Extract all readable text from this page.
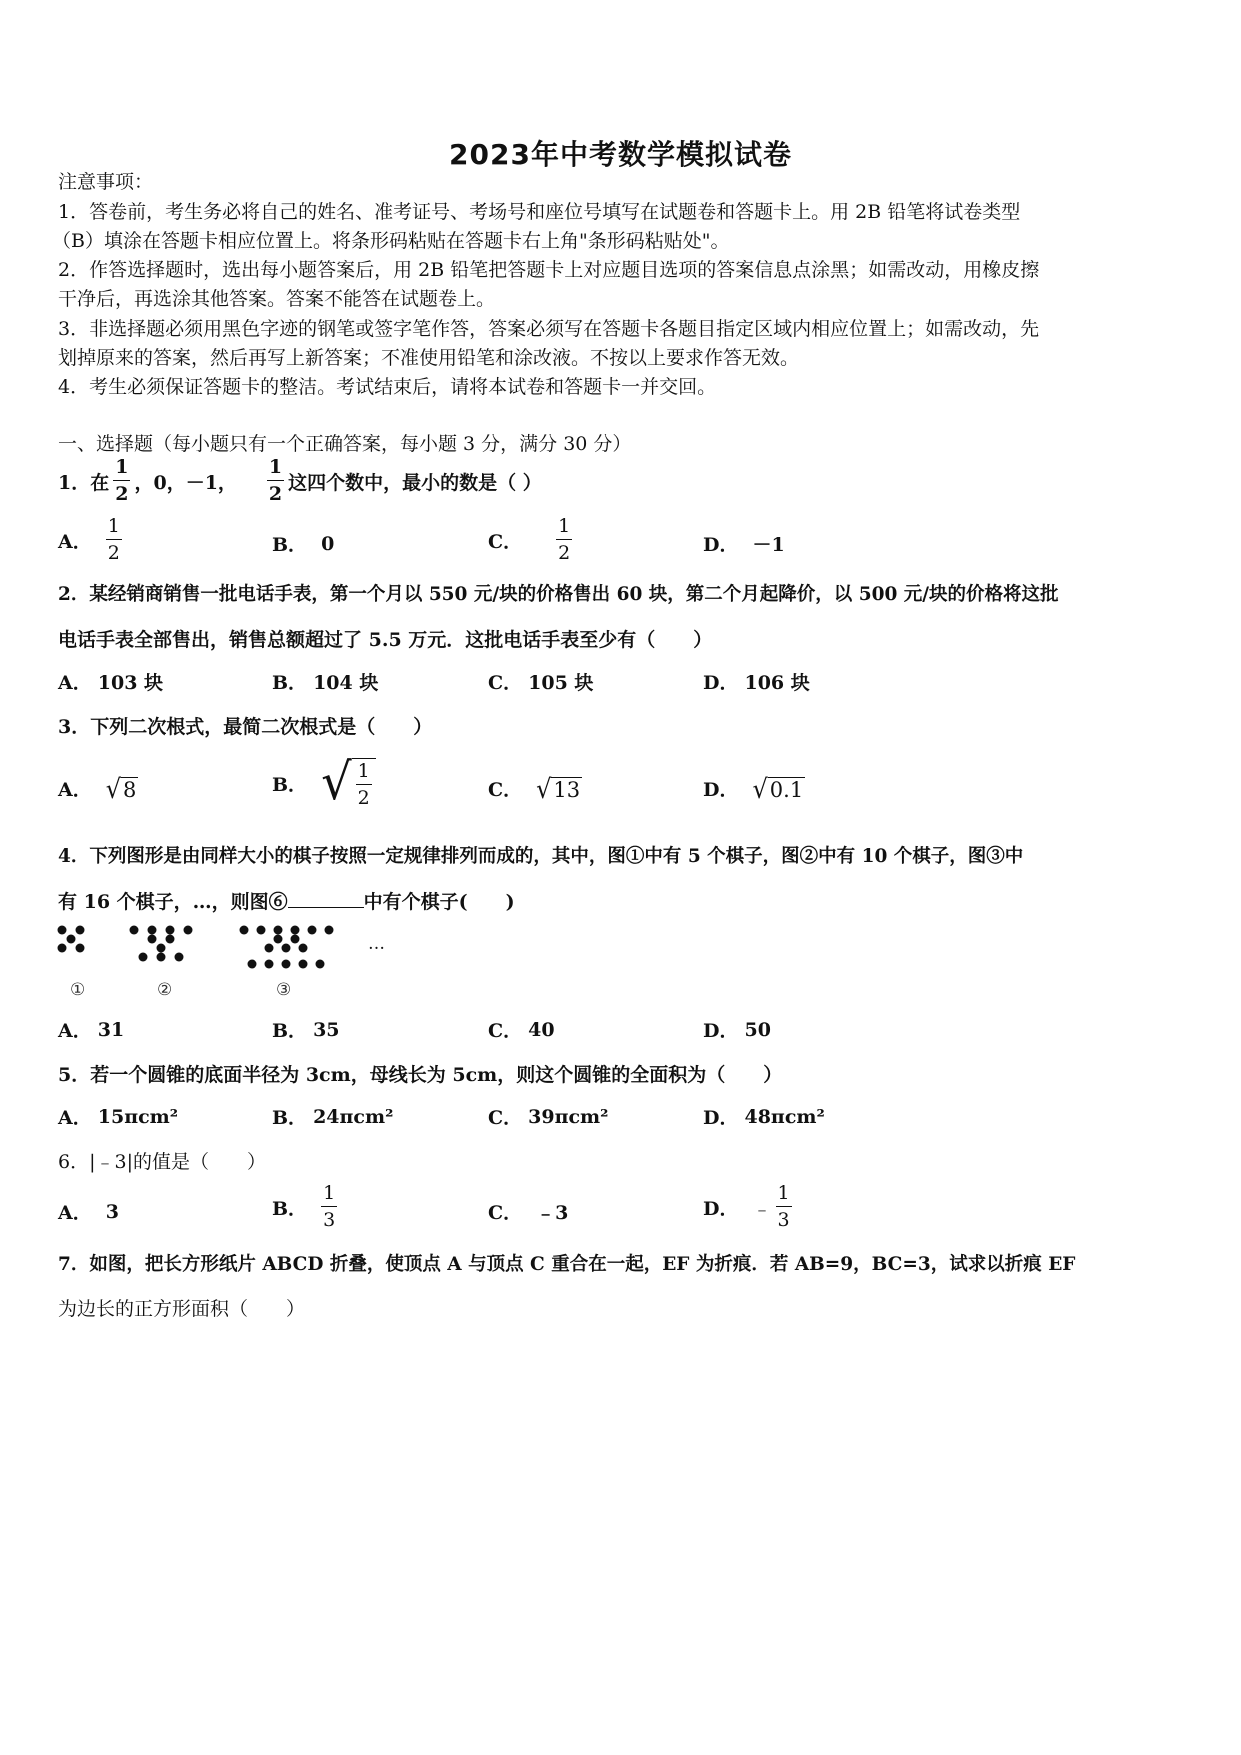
2023年中考数学模拟试卷
注意事项：
1．答卷前，考生务必将自己的姓名、准考证号、考场号和座位号填写在试题卷和答题卡上。用 2B 铅笔将试卷类型
（B）填涂在答题卡相应位置上。将条形码粘贴在答题卡右上角"条形码粘贴处"。
2．作答选择题时，选出每小题答案后，用 2B 铅笔把答题卡上对应题目选项的答案信息点涂黑；如需改动，用橡皮擦
干净后，再选涂其他答案。答案不能答在试题卷上。
3．非选择题必须用黑色字迹的钢笔或签字笔作答，答案必须写在答题卡各题目指定区域内相应位置上；如需改动，先
划掉原来的答案，然后再写上新答案；不准使用铅笔和涂改液。不按以上要求作答无效。
4．考生必须保证答题卡的整洁。考试结束后，请将本试卷和答题卡一并交回。
一、选择题（每小题只有一个正确答案，每小题 3 分，满分 30 分）
1．在 $\frac{1}{2}$ ，0，－1， $\frac{1}{2}$ 这四个数中，最小的数是（ ）
A． $\frac{1}{2}$	B． 0	C． $\frac{1}{2}$	D． －1
2．某经销商销售一批电话手表，第一个月以 550 元/块的价格售出 60 块，第二个月起降价，以 500 元/块的价格将这批
电话手表全部售出，销售总额超过了 5.5 万元．这批电话手表至少有（　　）
A． 103 块	B． 104 块	C． 105 块	D． 106 块
3．下列二次根式，最简二次根式是（　　）
A． √ 8	B． √ $\frac{1}{2}$	C． √ 13	D． √ 0.1
4．下列图形是由同样大小的棋子按照一定规律排列而成的，其中，图①中有 5 个棋子，图②中有 10 个棋子，图③中
有 16 个棋子，…，则图⑥	中有个棋子(　　)
…
①	②	③
A． 31	B． 35	C． 40	D． 50
5．若一个圆锥的底面半径为 3cm，母线长为 5cm，则这个圆锥的全面积为（　　）
A． 15πcm²	B． 24πcm²	C． 39πcm²	D． 48πcm²
6．|﹣3|的值是（　　）
A． 3	B． $\frac{1}{3}$	C． ﹣3	D． ﹣ $\frac{1}{3}$
7．如图，把长方形纸片 ABCD 折叠，使顶点 A 与顶点 C 重合在一起，EF 为折痕．若 AB=9，BC=3，试求以折痕 EF
为边长的正方形面积（　　）
